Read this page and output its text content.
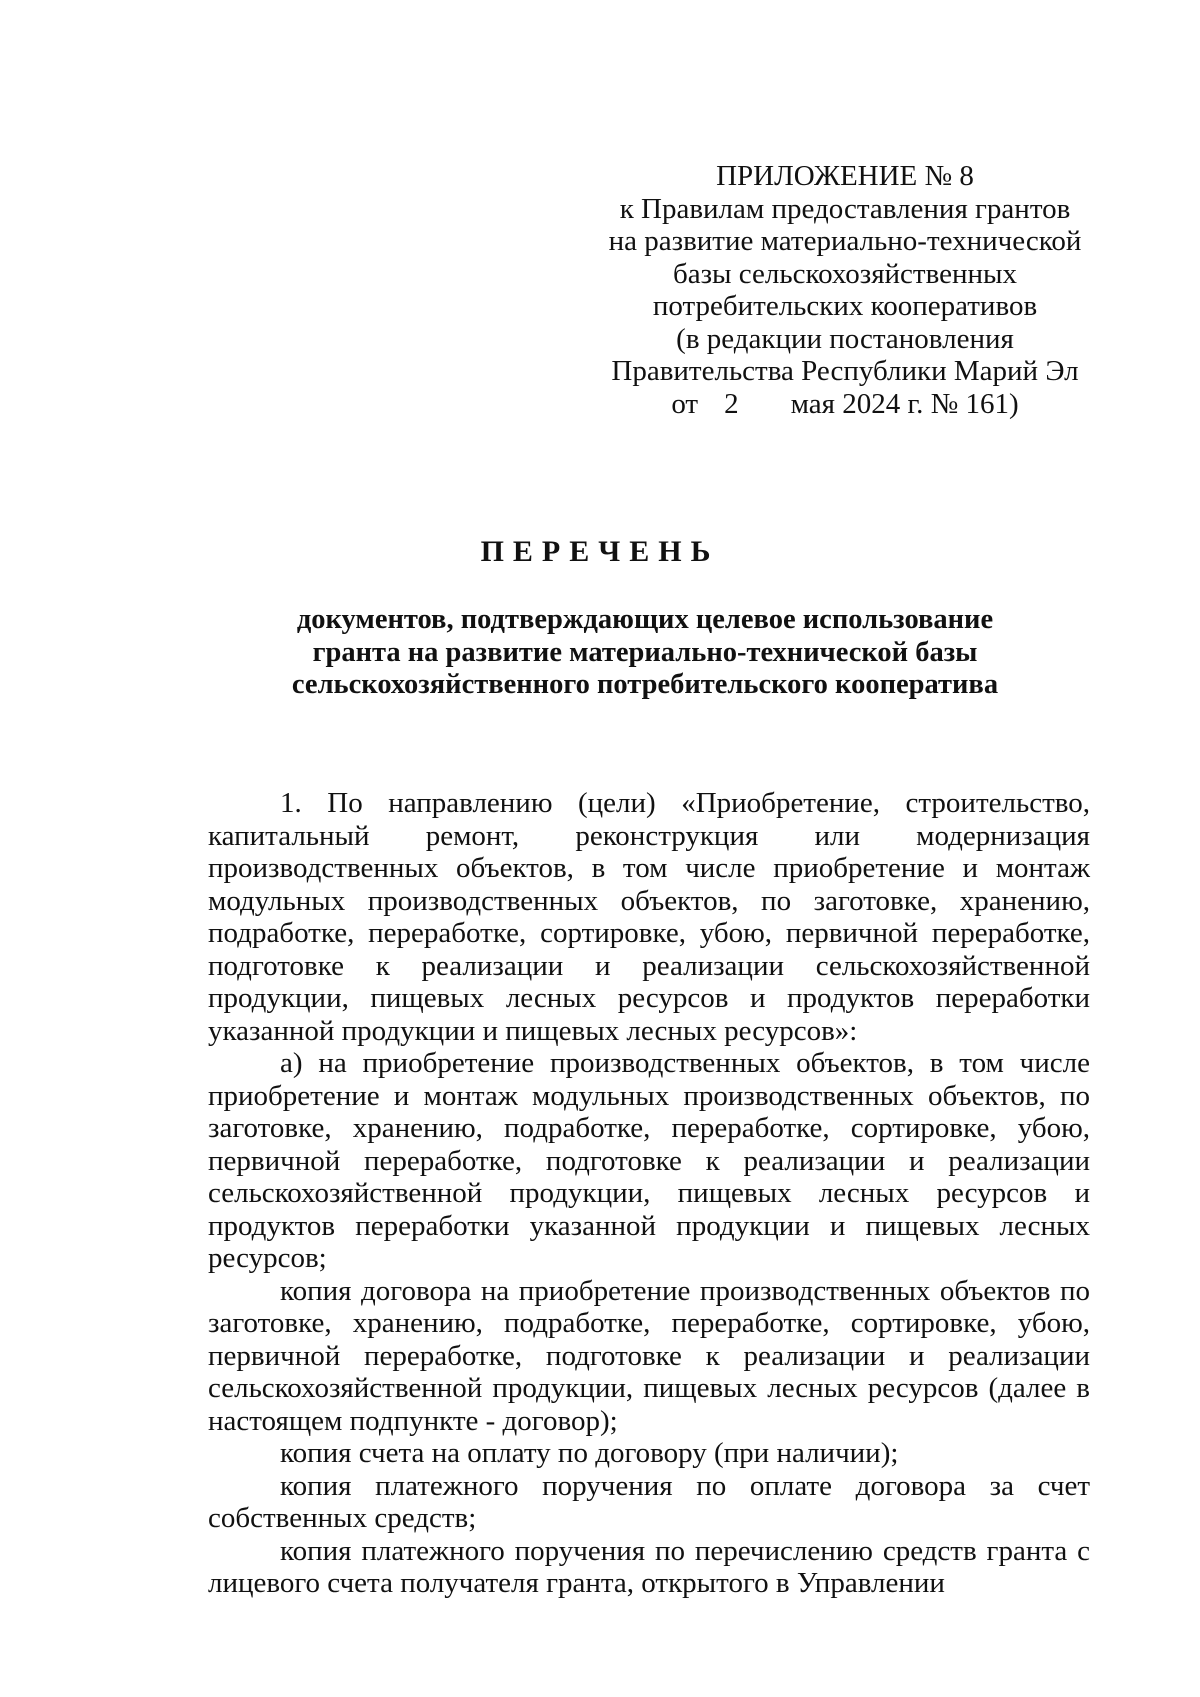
ПРИЛОЖЕНИЕ № 8
к Правилам предоставления грантов
на развитие материально-технической
базы сельскохозяйственных
потребительских кооперативов
(в редакции постановления
Правительства Республики Марий Эл
от 2 мая 2024 г. № 161)
ПЕРЕЧЕНЬ
документов, подтверждающих целевое использование
гранта на развитие материально-технической базы
сельскохозяйственного потребительского кооператива

1. По направлению (цели) «Приобретение, строительство, капитальный ремонт, реконструкция или модернизация производственных объектов, в том числе приобретение и монтаж модульных производственных объектов, по заготовке, хранению, подработке, переработке, сортировке, убою, первичной переработке, подготовке к реализации и реализации сельскохозяйственной продукции, пищевых лесных ресурсов и продуктов переработки указанной продукции и пищевых лесных ресурсов»:

а) на приобретение производственных объектов, в том числе приобретение и монтаж модульных производственных объектов, по заготовке, хранению, подработке, переработке, сортировке, убою, первичной переработке, подготовке к реализации и реализации сельскохозяйственной продукции, пищевых лесных ресурсов и продуктов переработки указанной продукции и пищевых лесных ресурсов;

копия договора на приобретение производственных объектов по заготовке, хранению, подработке, переработке, сортировке, убою, первичной переработке, подготовке к реализации и реализации сельскохозяйственной продукции, пищевых лесных ресурсов (далее в настоящем подпункте - договор);

копия счета на оплату по договору (при наличии);

копия платежного поручения по оплате договора за счет собственных средств;

копия платежного поручения по перечислению средств гранта с лицевого счета получателя гранта, открытого в Управлении
